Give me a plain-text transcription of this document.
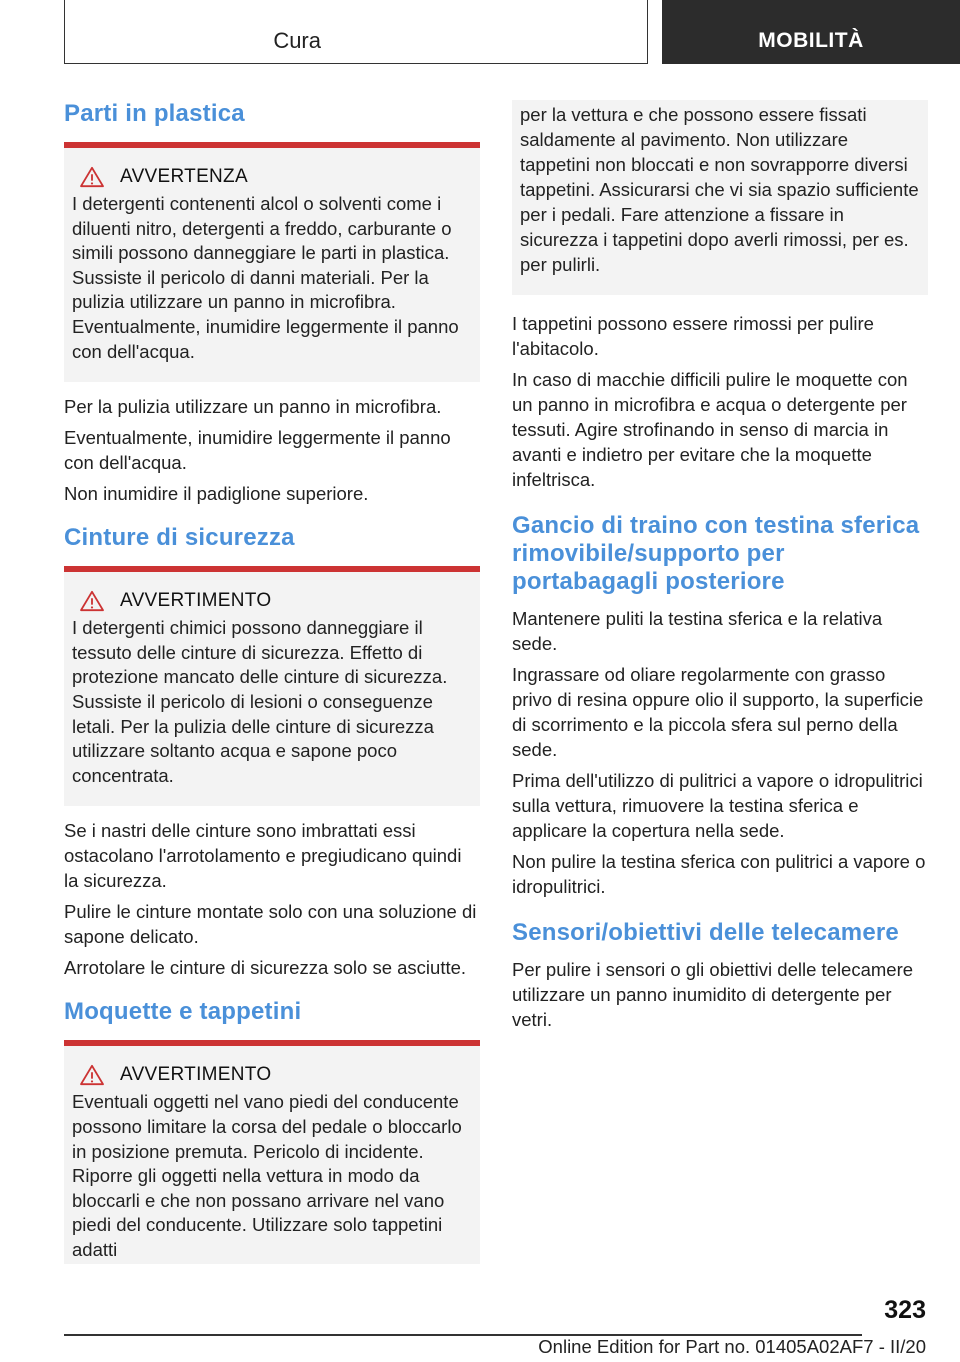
Cura	MOBILITÀ
Parti in plastica
AVVERTENZA
I detergenti contenenti alcol o solventi come i diluenti nitro, detergenti a freddo, carburante o simili possono danneggiare le parti in plastica. Sussiste il pericolo di danni materiali. Per la pulizia utilizzare un panno in microfibra. Eventualmente, inumidire leggermente il panno con dell'acqua.

Per la pulizia utilizzare un panno in microfibra.

Eventualmente, inumidire leggermente il panno con dell'acqua.

Non inumidire il padiglione superiore.

Cinture di sicurezza
AVVERTIMENTO
I detergenti chimici possono danneggiare il tessuto delle cinture di sicurezza. Effetto di protezione mancato delle cinture di sicurezza. Sussiste il pericolo di lesioni o conseguenze letali. Per la pulizia delle cinture di sicurezza utilizzare soltanto acqua e sapone poco concentrata.

Se i nastri delle cinture sono imbrattati essi ostacolano l'arrotolamento e pregiudicano quindi la sicurezza.

Pulire le cinture montate solo con una soluzione di sapone delicato.

Arrotolare le cinture di sicurezza solo se asciutte.

Moquette e tappetini
AVVERTIMENTO
Eventuali oggetti nel vano piedi del conducente possono limitare la corsa del pedale o bloccarlo in posizione premuta. Pericolo di incidente. Riporre gli oggetti nella vettura in modo da bloccarli e che non possano arrivare nel vano piedi del conducente. Utilizzare solo tappetini adatti
per la vettura e che possono essere fissati saldamente al pavimento. Non utilizzare tappetini non bloccati e non sovrapporre diversi tappetini. Assicurarsi che vi sia spazio sufficiente per i pedali. Fare attenzione a fissare in sicurezza i tappetini dopo averli rimossi, per es. per pulirli.

I tappetini possono essere rimossi per pulire l'abitacolo.

In caso di macchie difficili pulire le moquette con un panno in microfibra e acqua o detergente per tessuti. Agire strofinando in senso di marcia in avanti e indietro per evitare che la moquette infeltrisca.

Gancio di traino con testina sferica rimovibile/supporto per portabagagli posteriore

Mantenere puliti la testina sferica e la relativa sede.

Ingrassare od oliare regolarmente con grasso privo di resina oppure olio il supporto, la superficie di scorrimento e la piccola sfera sul perno della sede.

Prima dell'utilizzo di pulitrici a vapore o idropulitrici sulla vettura, rimuovere la testina sferica e applicare la copertura nella sede.

Non pulire la testina sferica con pulitrici a vapore o idropulitrici.

Sensori/obiettivi delle telecamere

Per pulire i sensori o gli obiettivi delle telecamere utilizzare un panno inumidito di detergente per vetri.

323
Online Edition for Part no. 01405A02AF7 - II/20
